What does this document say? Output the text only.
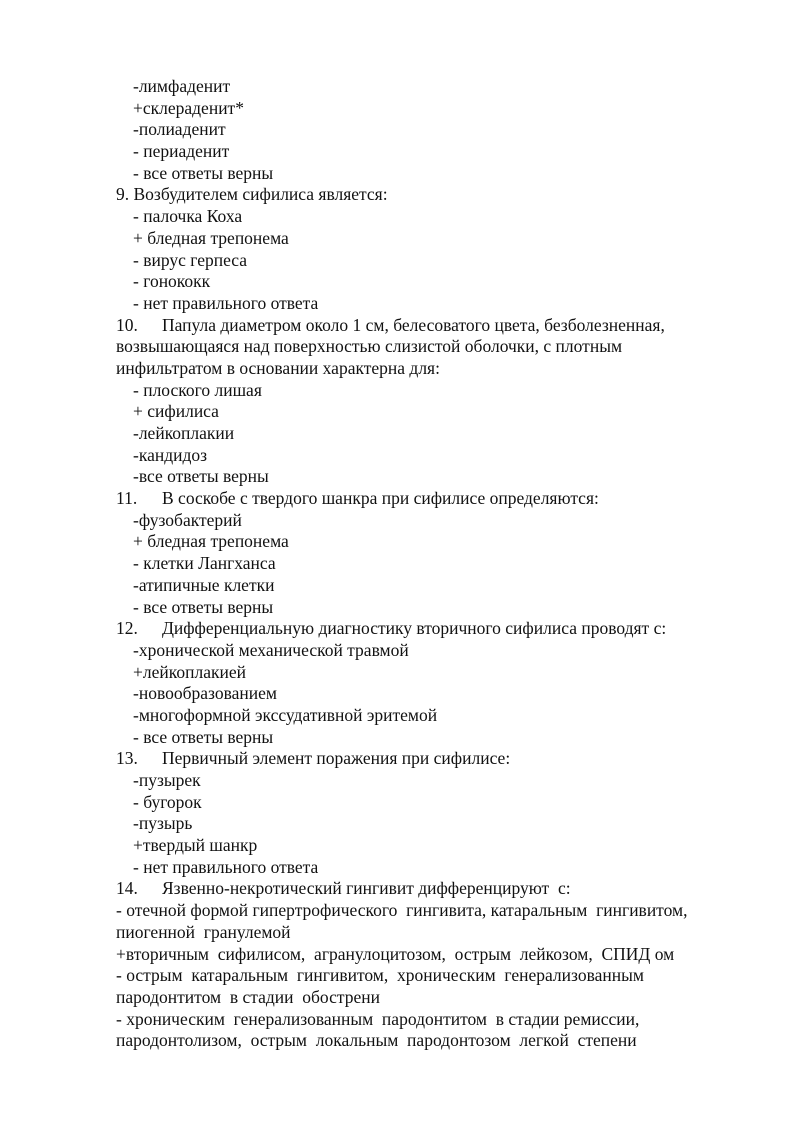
-лимфаденит
+склераденит*
-полиаденит
- периаденит
- все ответы верны
9. Возбудителем сифилиса является:
- палочка Коха
+ бледная трепонема
- вирус герпеса
- гонококк
- нет правильного ответа
10. Папула диаметром около 1 см, белесоватого цвета, безболезненная,
возвышающаяся над поверхностью слизистой оболочки, с плотным
инфильтратом в основании характерна для:
- плоского лишая
+ сифилиса
-лейкоплакии
-кандидоз
-все ответы верны
11. В соскобе с твердого шанкра при сифилисе определяются:
-фузобактерий
+ бледная трепонема
- клетки Лангханса
-атипичные клетки
- все ответы верны
12. Дифференциальную диагностику вторичного сифилиса проводят с:
-хронической механической травмой
+лейкоплакией
-новообразованием
-многоформной экссудативной эритемой
- все ответы верны
13. Первичный элемент поражения при сифилисе:
-пузырек
- бугорок
-пузырь
+твердый шанкр
- нет правильного ответа
14. Язвенно-некротический гингивит дифференцируют  с:
- отечной формой гипертрофического  гингивита, катаральным  гингивитом,
пиогенной  гранулемой
+вторичным  сифилисом,  агранулоцитозом,  острым  лейкозом,  СПИД ом
- острым  катаральным  гингивитом,  хроническим  генерализованным
пародонтитом  в стадии  обострени
- хроническим  генерализованным  пародонтитом  в стадии ремиссии,
пародонтолизом,  острым  локальным  пародонтозом  легкой  степени
